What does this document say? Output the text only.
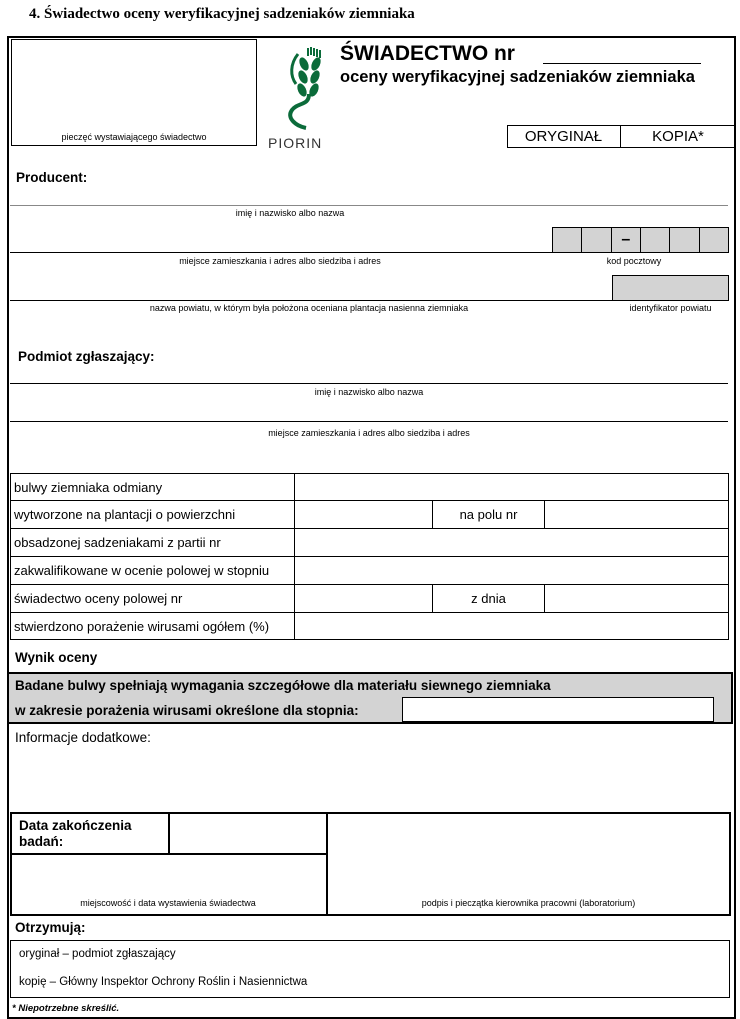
4. Świadectwo oceny weryfikacyjnej sadzeniaków ziemniaka
pieczęć wystawiającego świadectwo	PIORIN
ŚWIADECTWO nr
oceny weryfikacyjnej sadzeniaków ziemniaka
ORYGINAŁ	KOPIA*
Producent:
imię i nazwisko albo nazwa
–
miejsce zamieszkania i adres albo siedziba i adres	kod pocztowy
nazwa powiatu, w którym była położona oceniana plantacja nasienna ziemniaka	identyfikator powiatu
Podmiot zgłaszający:
imię i nazwisko albo nazwa
miejsce zamieszkania i adres albo siedziba i adres
bulwy ziemniaka odmiany
wytworzone na plantacji o powierzchni	na polu nr
obsadzonej sadzeniakami z partii nr
zakwalifikowane w ocenie polowej w stopniu
świadectwo oceny polowej nr	z dnia
stwierdzono porażenie wirusami ogółem (%)
Wynik oceny
Badane bulwy spełniają wymagania szczegółowe dla materiału siewnego ziemniaka
w zakresie porażenia wirusami określone dla stopnia:
Informacje dodatkowe:
Data zakończenia
badań:
miejscowość i data wystawienia świadectwa	podpis i pieczątka kierownika pracowni (laboratorium)
Otrzymują:
oryginał – podmiot zgłaszający
kopię – Główny Inspektor Ochrony Roślin i Nasiennictwa
* Niepotrzebne skreślić.
